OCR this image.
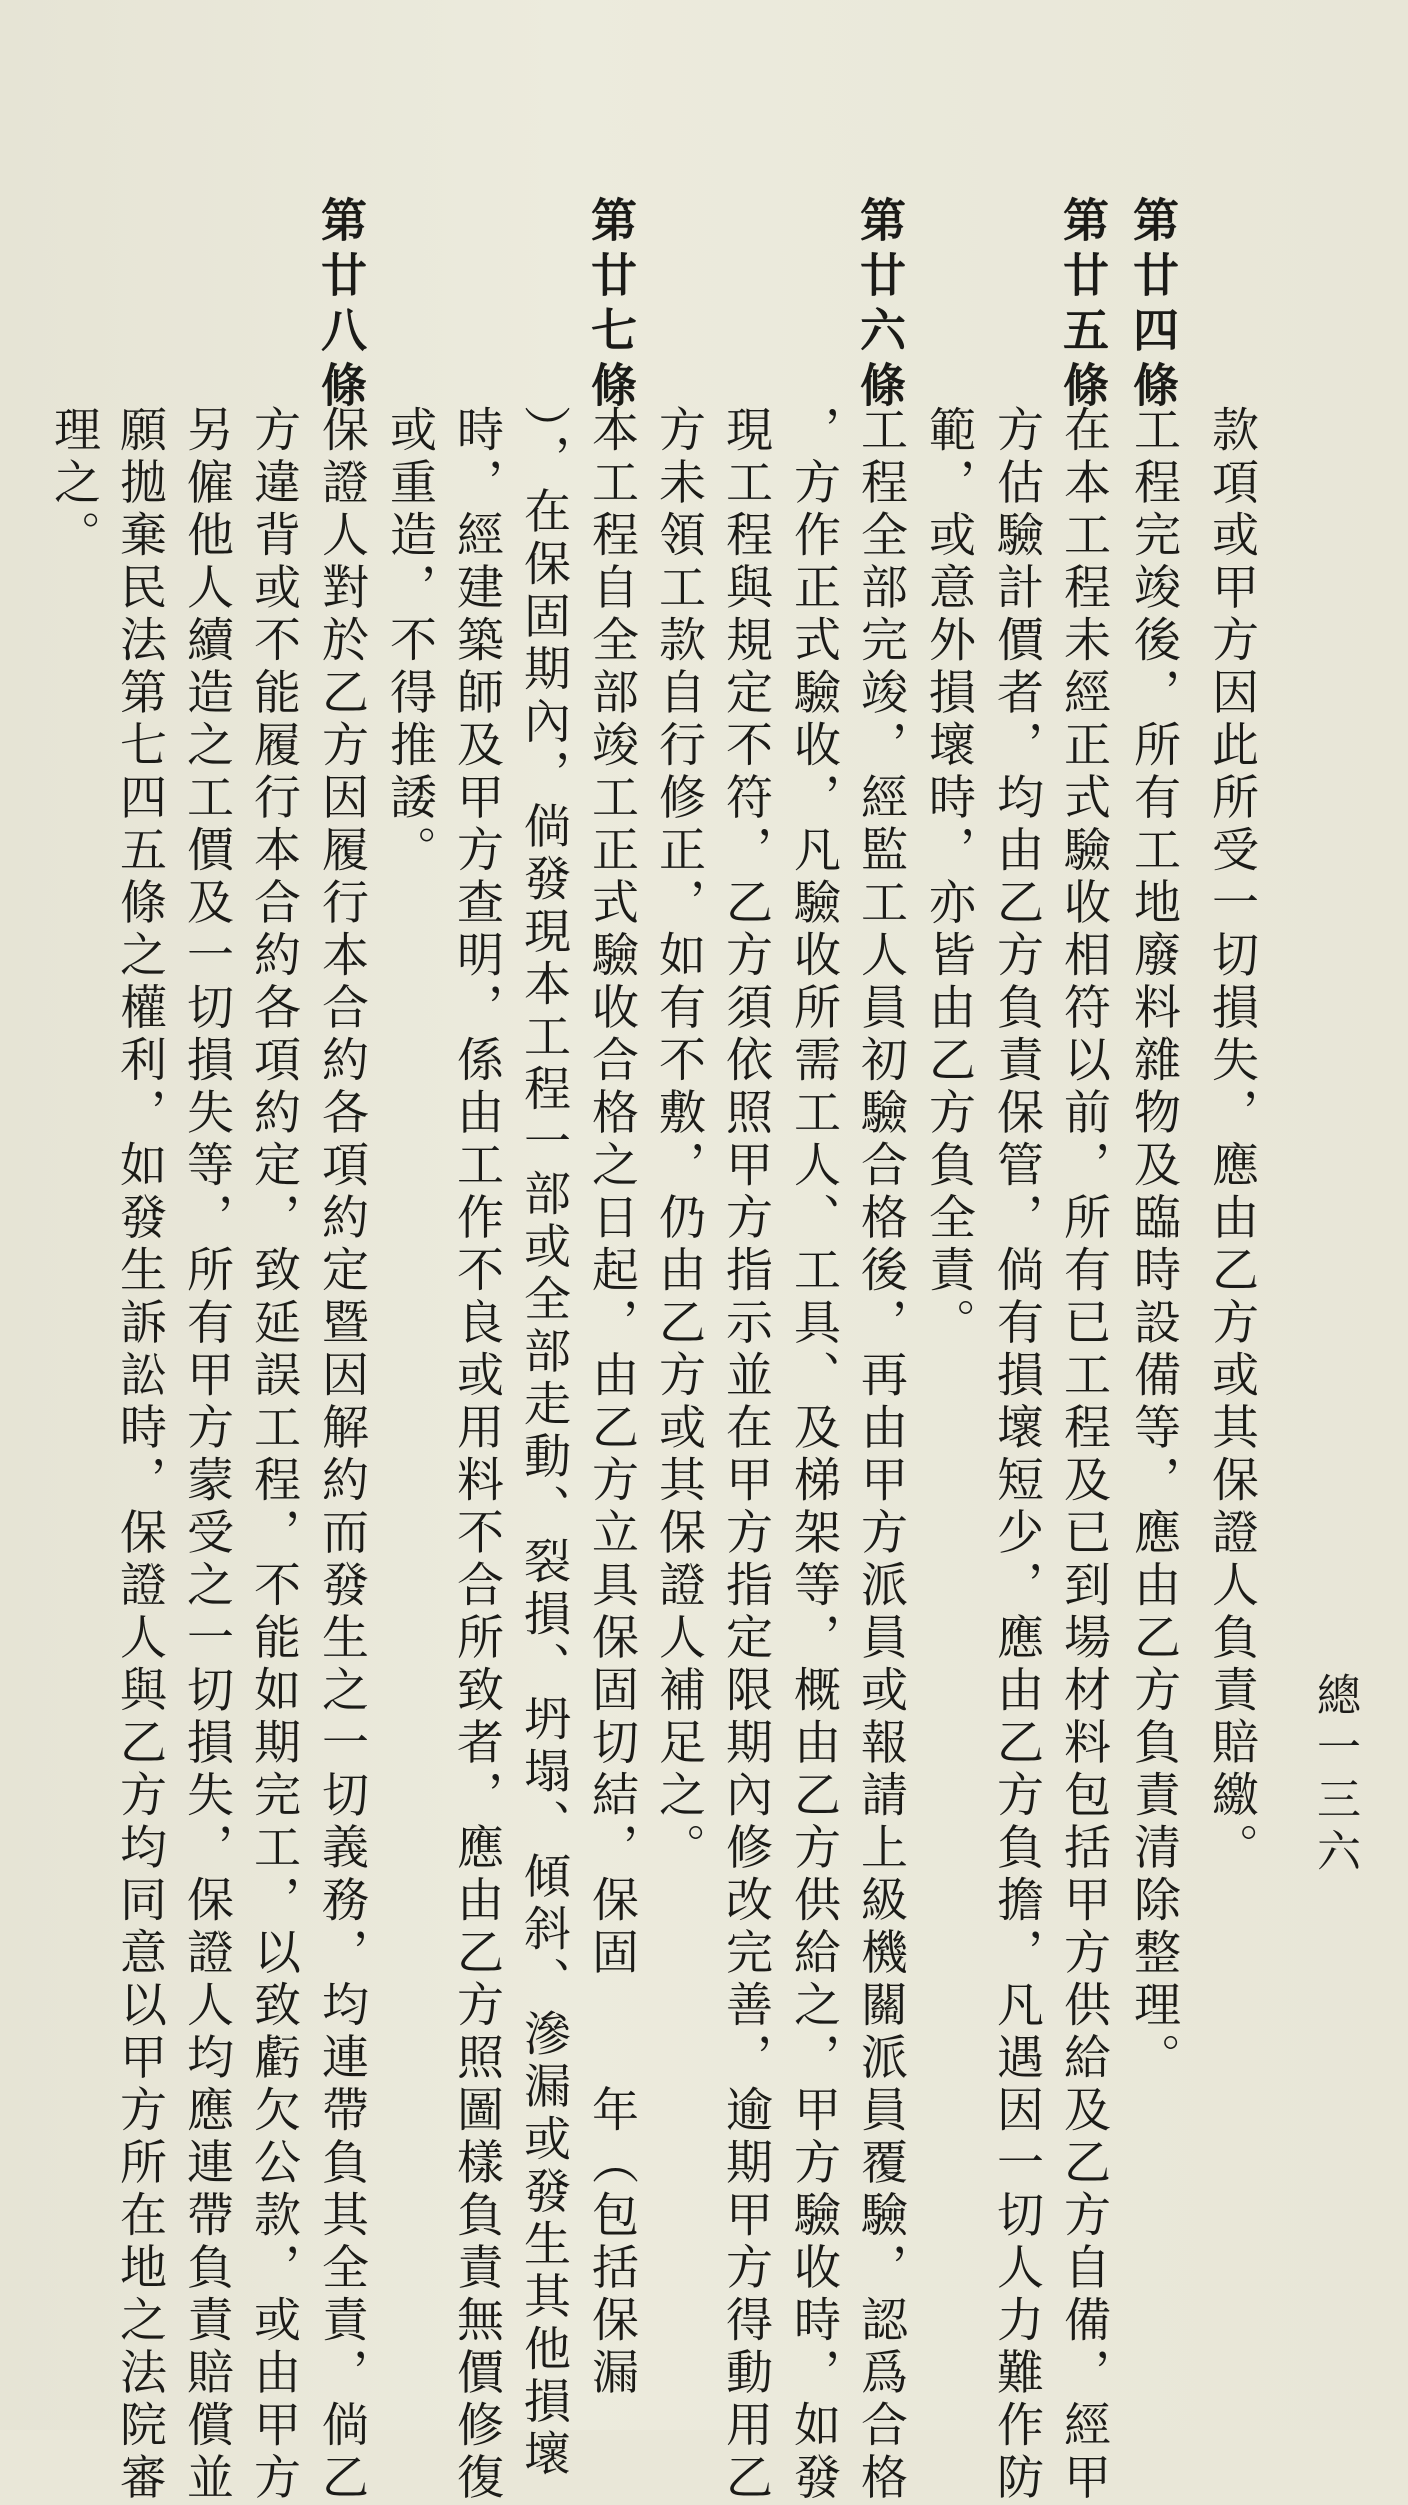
總一三六
款項或甲方因此所受一切損失，應由乙方或其保證人負責賠繳。
第廿四條
工程完竣後，所有工地廢料雜物及臨時設備等，應由乙方負責清除整理。
第廿五條
在本工程未經正式驗收相符以前，所有已工程及已到場材料包括甲方供給及乙方自備，經甲
方估驗計價者，均由乙方負責保管，倘有損壞短少，應由乙方負擔，凡遇因一切人力難作防
範，或意外損壞時，亦皆由乙方負全責。
第廿六條
工程全部完竣，經監工人員初驗合格後，再由甲方派員或報請上級機關派員覆驗，認爲合格
，方作正式驗收，凡驗收所需工人、工具、及梯架等，概由乙方供給之，甲方驗收時，如發
現工程與規定不符，乙方須依照甲方指示並在甲方指定限期內修改完善，逾期甲方得動用乙
方未領工款自行修正，如有不敷，仍由乙方或其保證人補足之。
第廿七條
本工程自全部竣工正式驗收合格之日起，由乙方立具保固切結，保固　　年（包括保漏
），在保固期內，倘發現本工程一部或全部走動、裂損、坍塌、傾斜、滲漏或發生其他損壞
時，經建築師及甲方查明，係由工作不良或用料不合所致者，應由乙方照圖樣負責無價修復
或重造，不得推諉。
第廿八條
保證人對於乙方因履行本合約各項約定暨因解約而發生之一切義務，均連帶負其全責，倘乙
方違背或不能履行本合約各項約定，致延誤工程，不能如期完工，以致虧欠公款，或由甲方
另僱他人續造之工價及一切損失等，所有甲方蒙受之一切損失，保證人均應連帶負責賠償並
願拋棄民法第七四五條之權利，如發生訴訟時，保證人與乙方均同意以甲方所在地之法院審
理之。
